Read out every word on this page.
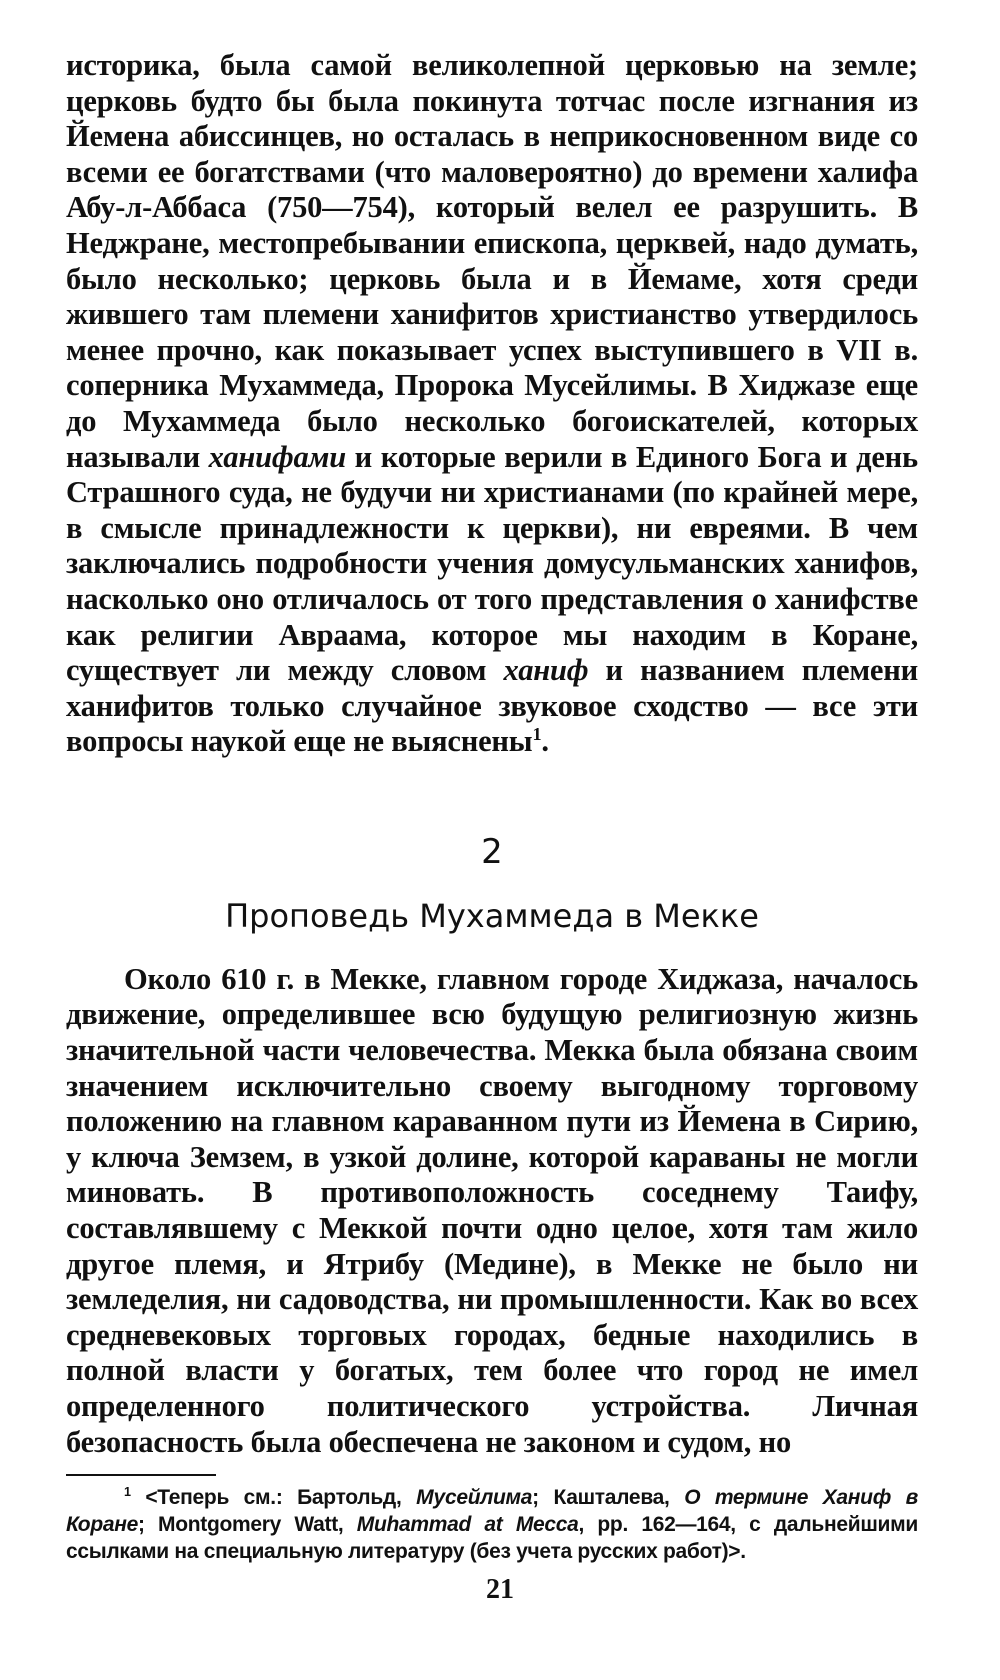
историка, была самой великолепной церковью на земле; церковь будто бы была покинута тотчас после изгнания из Йемена абиссинцев, но осталась в неприкосновенном виде со всеми ее богатствами (что маловероятно) до времени халифа Абу-л-Аббаса (750—754), который велел ее разрушить. В Неджране, местопребывании епископа, церквей, надо думать, было несколько; церковь была и в Йемаме, хотя среди жившего там племени ханифитов христианство утвердилось менее прочно, как показывает успех выступившего в VII в. соперника Мухаммеда, Пророка Мусейлимы. В Хиджазе еще до Мухаммеда было несколько богоискателей, которых называли ханифами и которые верили в Единого Бога и день Страшного суда, не будучи ни христианами (по крайней мере, в смысле принадлежности к церкви), ни евреями. В чем заключались подробности учения домусульманских ханифов, насколько оно отличалось от того представления о ханифстве как религии Авраама, которое мы находим в Коране, существует ли между словом ханиф и названием племени ханифитов только случайное звуковое сходство — все эти вопросы наукой еще не выяснены$^1$.

2
Проповедь Мухаммеда в Мекке

Около 610 г. в Мекке, главном городе Хиджаза, началось движение, определившее всю будущую религиозную жизнь значительной части человечества. Мекка была обязана своим значением исключительно своему выгодному торговому положению на главном караванном пути из Йемена в Сирию, у ключа Земзем, в узкой долине, которой караваны не могли миновать. В противоположность соседнему Таифу, составлявшему с Меккой почти одно целое, хотя там жило другое племя, и Ятрибу (Медине), в Мекке не было ни земледелия, ни садоводства, ни промышленности. Как во всех средневековых торговых городах, бедные находились в полной власти у богатых, тем более что город не имел определенного политического устройства. Личная безопасность была обеспечена не законом и судом, но

$^1$ <Теперь см.: Бартольд, Мусейлима; Кашталева, О термине Ханиф в Коране; Montgomery Watt, Muhammad at Mecca, pp. 162—164, с дальнейшими ссылками на специальную литературу (без учета русских работ)>.

21
